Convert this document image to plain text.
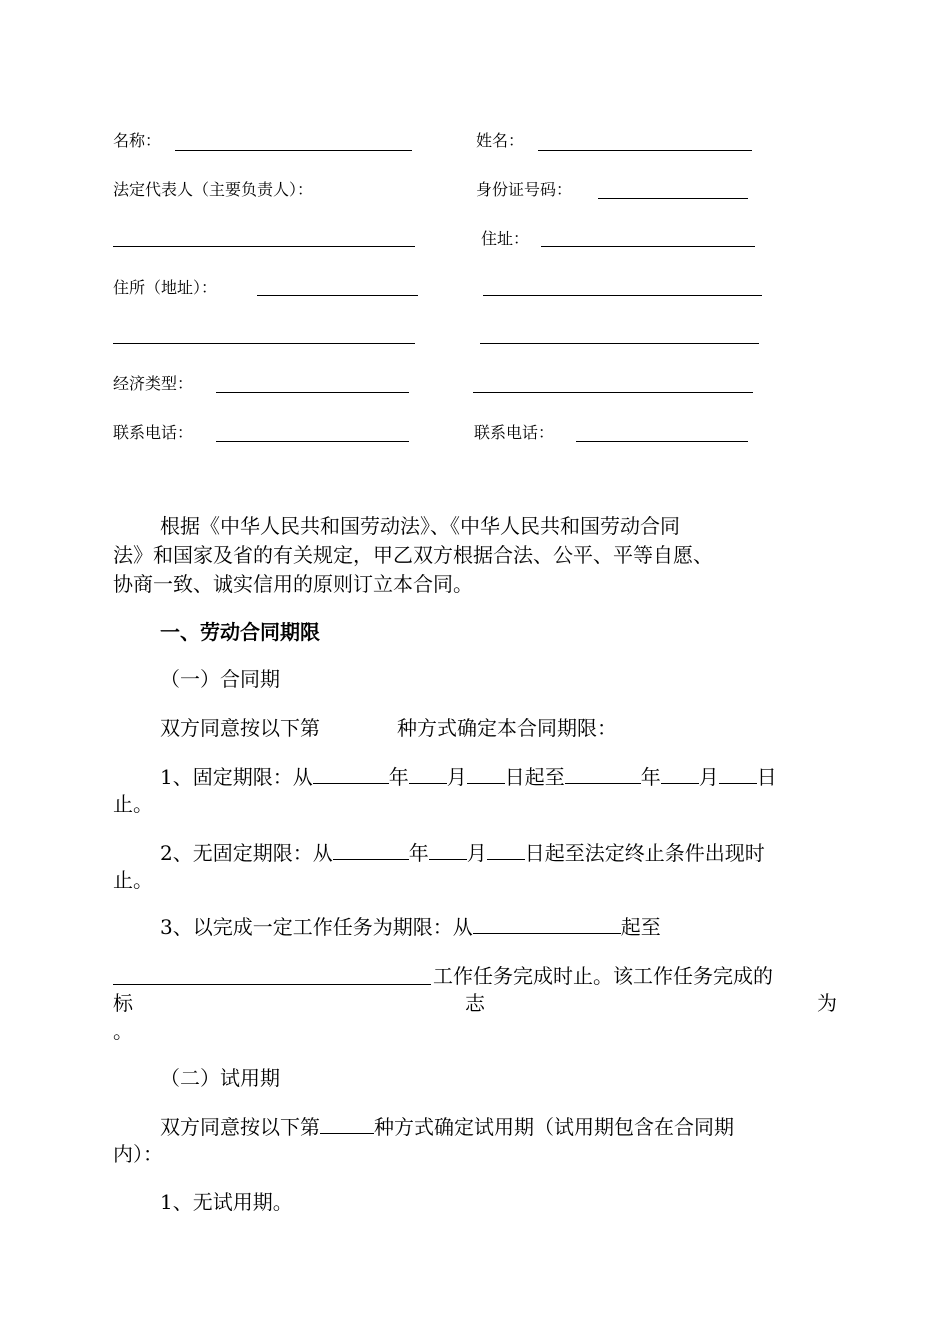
名称：	姓名：
法定代表人（主要负责人）：	身份证号码：
住址：
住所（地址）：
经济类型：
联系电话：	联系电话：
根据《中华人民共和国劳动法》、《中华人民共和国劳动合同
法》和国家及省的有关规定，甲乙双方根据合法、公平、平等自愿、
协商一致、诚实信用的原则订立本合同。
一、劳动合同期限
（一）合同期
双方同意按以下第	种方式确定本合同期限：
1、固定期限：从	年 月 日起至	年 月 日
止。
2、无固定期限：从	年 月 日起至法定终止条件出现时
止。
3、以完成一定工作任务为期限：从	起至
工作任务完成时止。该工作任务完成的
标	志	为
。
（二）试用期
双方同意按以下第	种方式确定试用期（试用期包含在合同期
内）：
1、无试用期。
